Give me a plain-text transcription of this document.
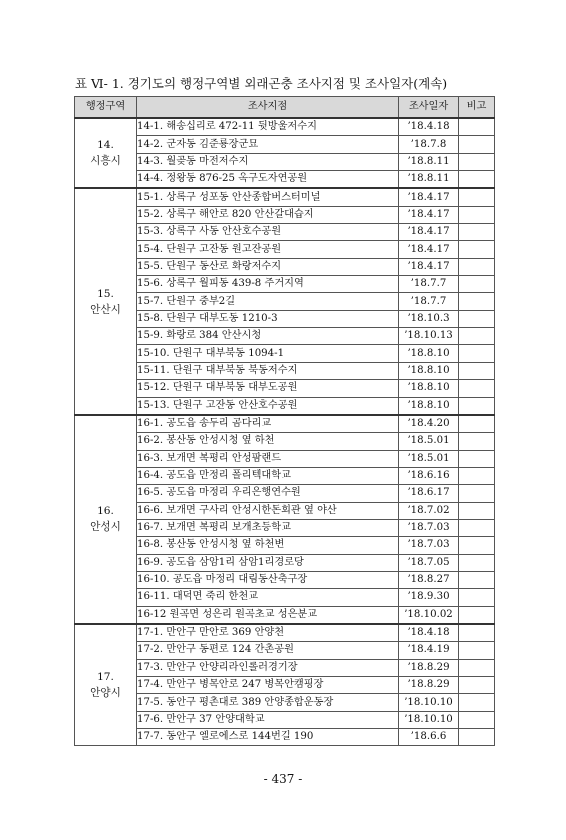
표 Ⅵ- 1. 경기도의 행정구역별 외래곤충 조사지점 및 조사일자(계속)
행정구역	조사지점	조사일자	비고

14.
시흥시	14-1. 해송십리로 472-11 뒷방울저수지	’18.4.18	
	14-2. 군자동 김준룡장군묘	’18.7.8	
	14-3. 월곶동 마전저수지	’18.8.11	
	14-4. 정왕동 876-25 옥구도자연공원	’18.8.11	

15.
안산시	15-1. 상록구 성포동 안산종합버스터미널	’18.4.17	
	15-2. 상록구 해안로 820 안산갈대습지	’18.4.17	
	15-3. 상록구 사동 안산호수공원	’18.4.17	
	15-4. 단원구 고잔동 원고잔공원	’18.4.17	
	15-5. 단원구 동산로 화랑저수지	’18.4.17	
	15-6. 상록구 월피동 439-8 주거지역	’18.7.7	
	15-7. 단원구 중부2길	’18.7.7	
	15-8. 단원구 대부도동 1210-3	’18.10.3	
	15-9. 화랑로 384 안산시청	’18.10.13	
	15-10. 단원구 대부북동 1094-1	’18.8.10	
	15-11. 단원구 대부북동 북동저수지	’18.8.10	
	15-12. 단원구 대부북동 대부도공원	’18.8.10	
	15-13. 단원구 고잔동 안산호수공원	’18.8.10	

16.
안성시	16-1. 공도읍 송두리 곰다리교	’18.4.20	
	16-2. 봉산동 안성시청 옆 하천	’18.5.01	
	16-3. 보개면 복평리 안성팜랜드	’18.5.01	
	16-4. 공도읍 만정리 폴리텍대학교	’18.6.16	
	16-5. 공도읍 마정리 우리은행연수원	’18.6.17	
	16-6. 보개면 구사리 안성시한돈회관 옆 야산	’18.7.02	
	16-7. 보개면 복평리 보개초등학교	’18.7.03	
	16-8. 봉산동 안성시청 옆 하천변	’18.7.03	
	16-9. 공도읍 삼암1리 삼암1리경로당	’18.7.05	
	16-10. 공도읍 마정리 대림동산축구장	’18.8.27	
	16-11. 대덕면 죽리 한천교	’18.9.30	
	16-12 원곡면 성은리 원곡초교 성은분교	’18.10.02	

17.
안양시	17-1. 만안구 만안로 369 안양천	’18.4.18	
	17-2. 만안구 동편로 124 간촌공원	’18.4.19	
	17-3. 만안구 안양리라인롤러경기장	’18.8.29	
	17-4. 만안구 병목안로 247 병목안캠핑장	’18.8.29	
	17-5. 동안구 평촌대로 389 안양종합운동장	’18.10.10	
	17-6. 만안구 37 안양대학교	’18.10.10	
	17-7. 동안구 엘로에스로 144번길 190	’18.6.6	
- 437 -
